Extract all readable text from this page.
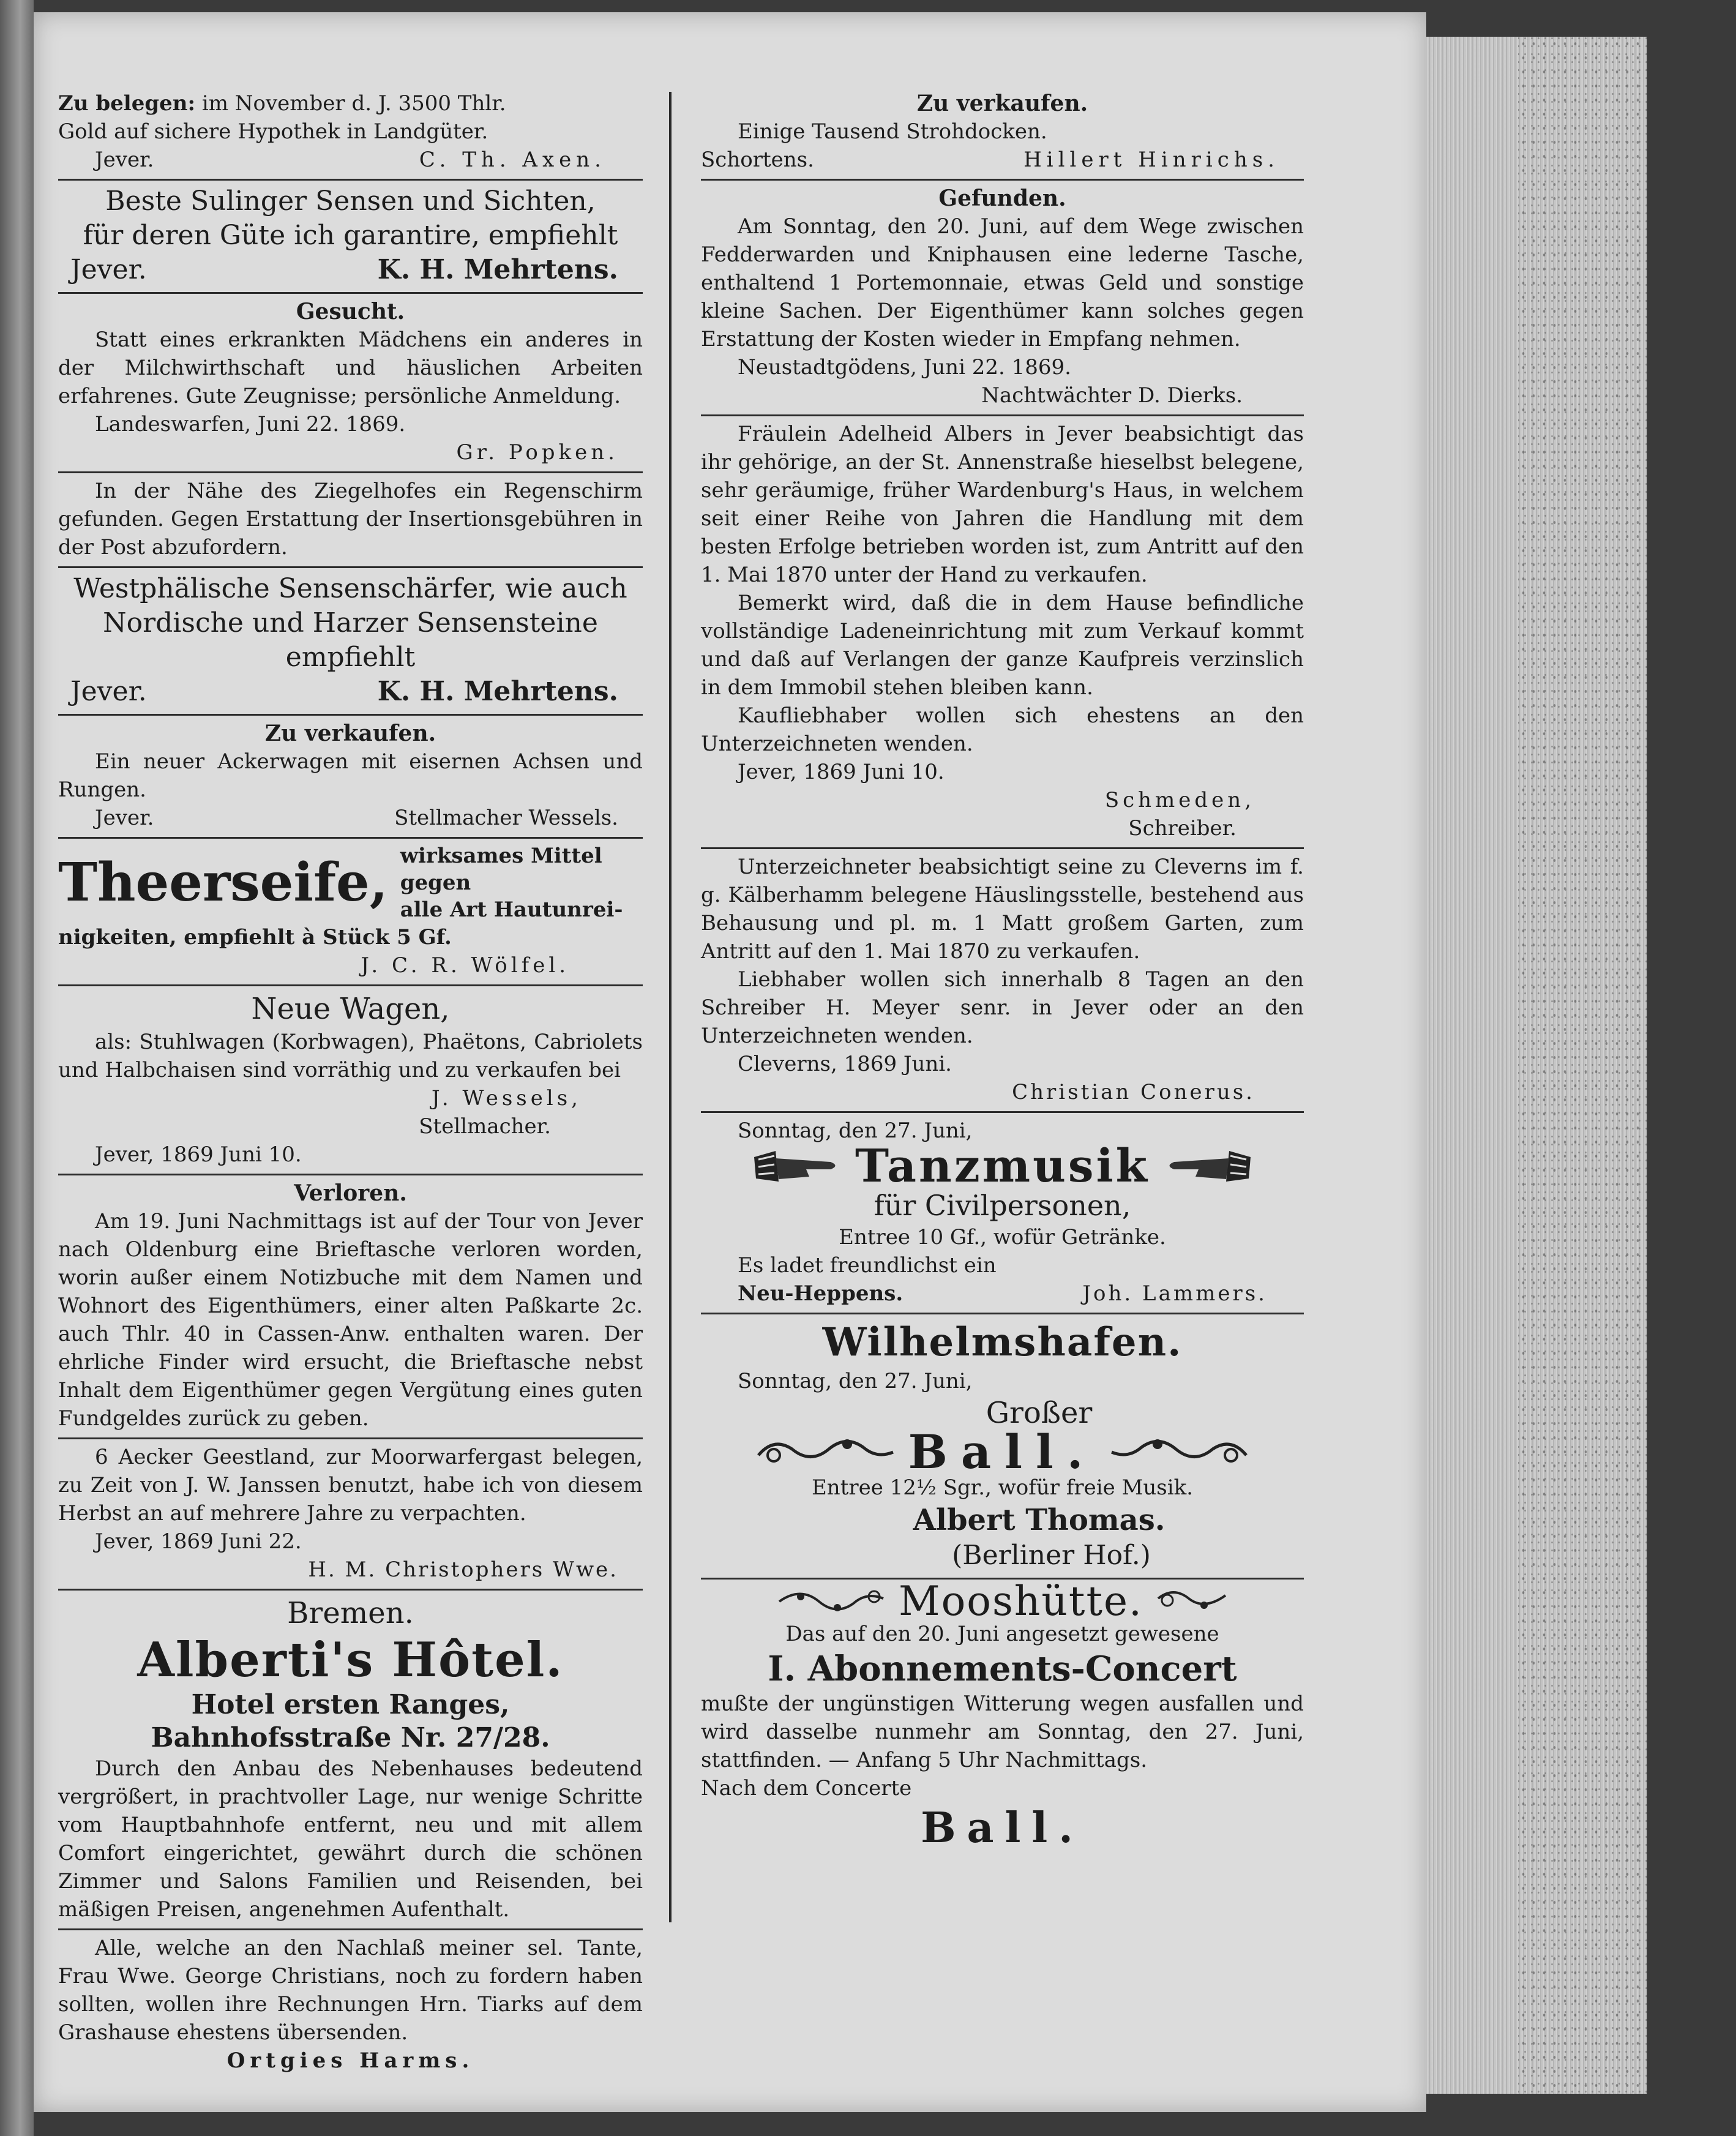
Zu belegen: im November d. J. 3500 Thlr.
Gold auf sichere Hypothek in Landgüter.
Jever.	C. Th. Axen.
Beste Sulinger Sensen und Sichten,
für deren Güte ich garantire, empfiehlt
Jever.	K. H. Mehrtens.
Gesucht.
Statt eines erkrankten Mädchens ein anderes in der Milchwirthschaft und häuslichen Arbeiten erfahrenes. Gute Zeugnisse; persönliche Anmeldung.
Landeswarfen, Juni 22. 1869.
Gr. Popken.
In der Nähe des Ziegelhofes ein Regenschirm gefunden. Gegen Erstattung der Insertionsgebühren in der Post abzufordern.
Westphälische Sensenschärfer, wie auch
Nordische und Harzer Sensensteine empfiehlt
Jever.	K. H. Mehrtens.
Zu verkaufen.
Ein neuer Ackerwagen mit eisernen Achsen und Rungen.
Jever.	Stellmacher Wessels.
Theerseife, wirksames Mittel gegen
alle Art Hautunrei-
nigkeiten, empfiehlt à Stück 5 Gf.
J. C. R. Wölfel.
Neue Wagen,
als: Stuhlwagen (Korbwagen), Phaëtons, Cabriolets und Halbchaisen sind vorräthig und zu verkaufen bei
J. Wessels,
Stellmacher.
Jever, 1869 Juni 10.
Verloren.
Am 19. Juni Nachmittags ist auf der Tour von Jever nach Oldenburg eine Brieftasche verloren worden, worin außer einem Notizbuche mit dem Namen und Wohnort des Eigenthümers, einer alten Paßkarte 2c. auch Thlr. 40 in Cassen-Anw. enthalten waren. Der ehrliche Finder wird ersucht, die Brieftasche nebst Inhalt dem Eigenthümer gegen Vergütung eines guten Fundgeldes zurück zu geben.
6 Aecker Geestland, zur Moorwarfergast belegen, zu Zeit von J. W. Janssen benutzt, habe ich von diesem Herbst an auf mehrere Jahre zu verpachten.
Jever, 1869 Juni 22.
H. M. Christophers Wwe.
Bremen.
Alberti's Hôtel.
Hotel ersten Ranges,
Bahnhofsstraße Nr. 27/28.
Durch den Anbau des Nebenhauses bedeutend vergrößert, in prachtvoller Lage, nur wenige Schritte vom Hauptbahnhofe entfernt, neu und mit allem Comfort eingerichtet, gewährt durch die schönen Zimmer und Salons Familien und Reisenden, bei mäßigen Preisen, angenehmen Aufenthalt.
Alle, welche an den Nachlaß meiner sel. Tante, Frau Wwe. George Christians, noch zu fordern haben sollten, wollen ihre Rechnungen Hrn. Tiarks auf dem Grashause ehestens übersenden.
Ortgies Harms.
Zu verkaufen.
Einige Tausend Strohdocken.
Schortens.	Hillert Hinrichs.
Gefunden.
Am Sonntag, den 20. Juni, auf dem Wege zwischen Fedderwarden und Kniphausen eine lederne Tasche, enthaltend 1 Portemonnaie, etwas Geld und sonstige kleine Sachen. Der Eigenthümer kann solches gegen Erstattung der Kosten wieder in Empfang nehmen.
Neustadtgödens, Juni 22. 1869.
Nachtwächter D. Dierks.
Fräulein Adelheid Albers in Jever beabsichtigt das ihr gehörige, an der St. Annenstraße hieselbst belegene, sehr geräumige, früher Wardenburg's Haus, in welchem seit einer Reihe von Jahren die Handlung mit dem besten Erfolge betrieben worden ist, zum Antritt auf den 1. Mai 1870 unter der Hand zu verkaufen.
Bemerkt wird, daß die in dem Hause befindliche vollständige Ladeneinrichtung mit zum Verkauf kommt und daß auf Verlangen der ganze Kaufpreis verzinslich in dem Immobil stehen bleiben kann.
Kaufliebhaber wollen sich ehestens an den Unterzeichneten wenden.
Jever, 1869 Juni 10.
Schmeden,
Schreiber.
Unterzeichneter beabsichtigt seine zu Cleverns im f. g. Kälberhamm belegene Häuslingsstelle, bestehend aus Behausung und pl. m. 1 Matt großem Garten, zum Antritt auf den 1. Mai 1870 zu verkaufen.
Liebhaber wollen sich innerhalb 8 Tagen an den Schreiber H. Meyer senr. in Jever oder an den Unterzeichneten wenden.
Clevernѕ, 1869 Juni.
Christian Conerus.
Sonntag, den 27. Juni,
Tanzmusik
für Civilpersonen,
Entree 10 Gf., wofür Getränke.
Es ladet freundlichst ein
Neu-Heppens.	Joh. Lammers.
Wilhelmshafen.
Sonntag, den 27. Juni,
Großer
Ball.
Entree 12½ Sgr., wofür freie Musik.
Albert Thomas.
(Berliner Hof.)
Mooshütte.
Das auf den 20. Juni angesetzt gewesene
I. Abonnements-Concert
mußte der ungünstigen Witterung wegen ausfallen und wird dasselbe nunmehr am Sonntag, den 27. Juni, stattfinden. — Anfang 5 Uhr Nachmittags.
Nach dem Concerte
Ball.
